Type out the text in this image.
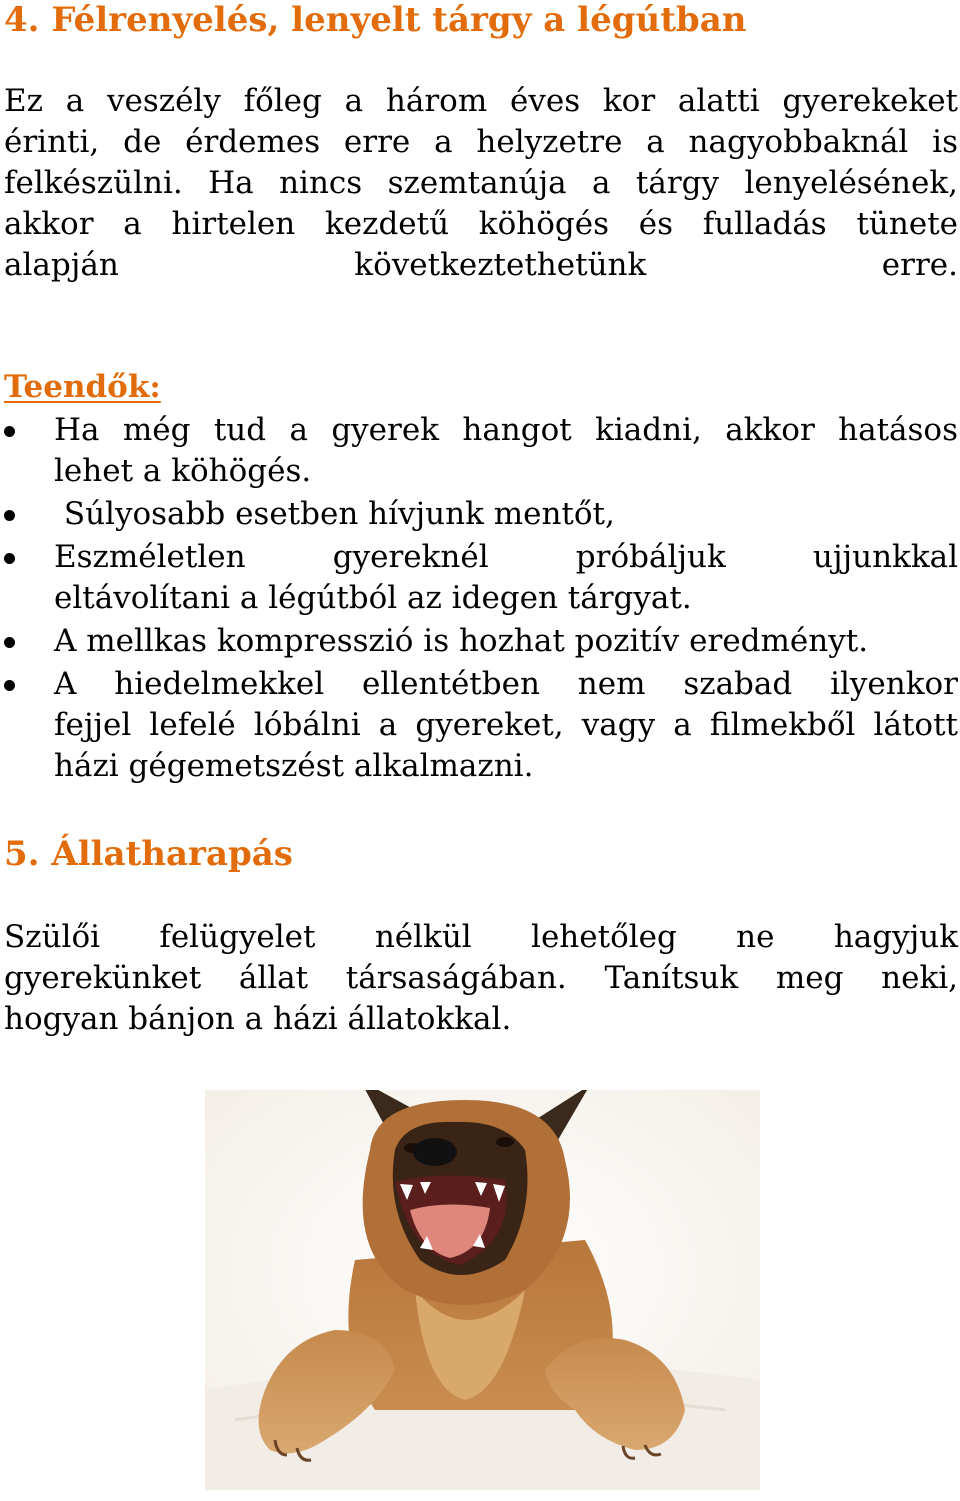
4. Félrenyelés, lenyelt tárgy a légútban
Ez a veszély főleg a három éves kor alatti gyerekeket
érinti, de érdemes erre a helyzetre a nagyobbaknál is
felkészülni. Ha nincs szemtanúja a tárgy lenyelésének,
akkor a hirtelen kezdetű köhögés és fulladás tünete
alapján következtethetünk erre.
Teendők:
Ha még tud a gyerek hangot kiadni, akkor hatásos
lehet a köhögés.
Súlyosabb esetben hívjunk mentőt,
Eszméletlen gyereknél próbáljuk ujjunkkal
eltávolítani a légútból az idegen tárgyat.
A mellkas kompresszió is hozhat pozitív eredményt.
A hiedelmekkel ellentétben nem szabad ilyenkor
fejjel lefelé lóbálni a gyereket, vagy a filmekből látott
házi gégemetszést alkalmazni.
5. Állatharapás
Szülői felügyelet nélkül lehetőleg ne hagyjuk
gyerekünket állat társaságában. Tanítsuk meg neki,
hogyan bánjon a házi állatokkal.
